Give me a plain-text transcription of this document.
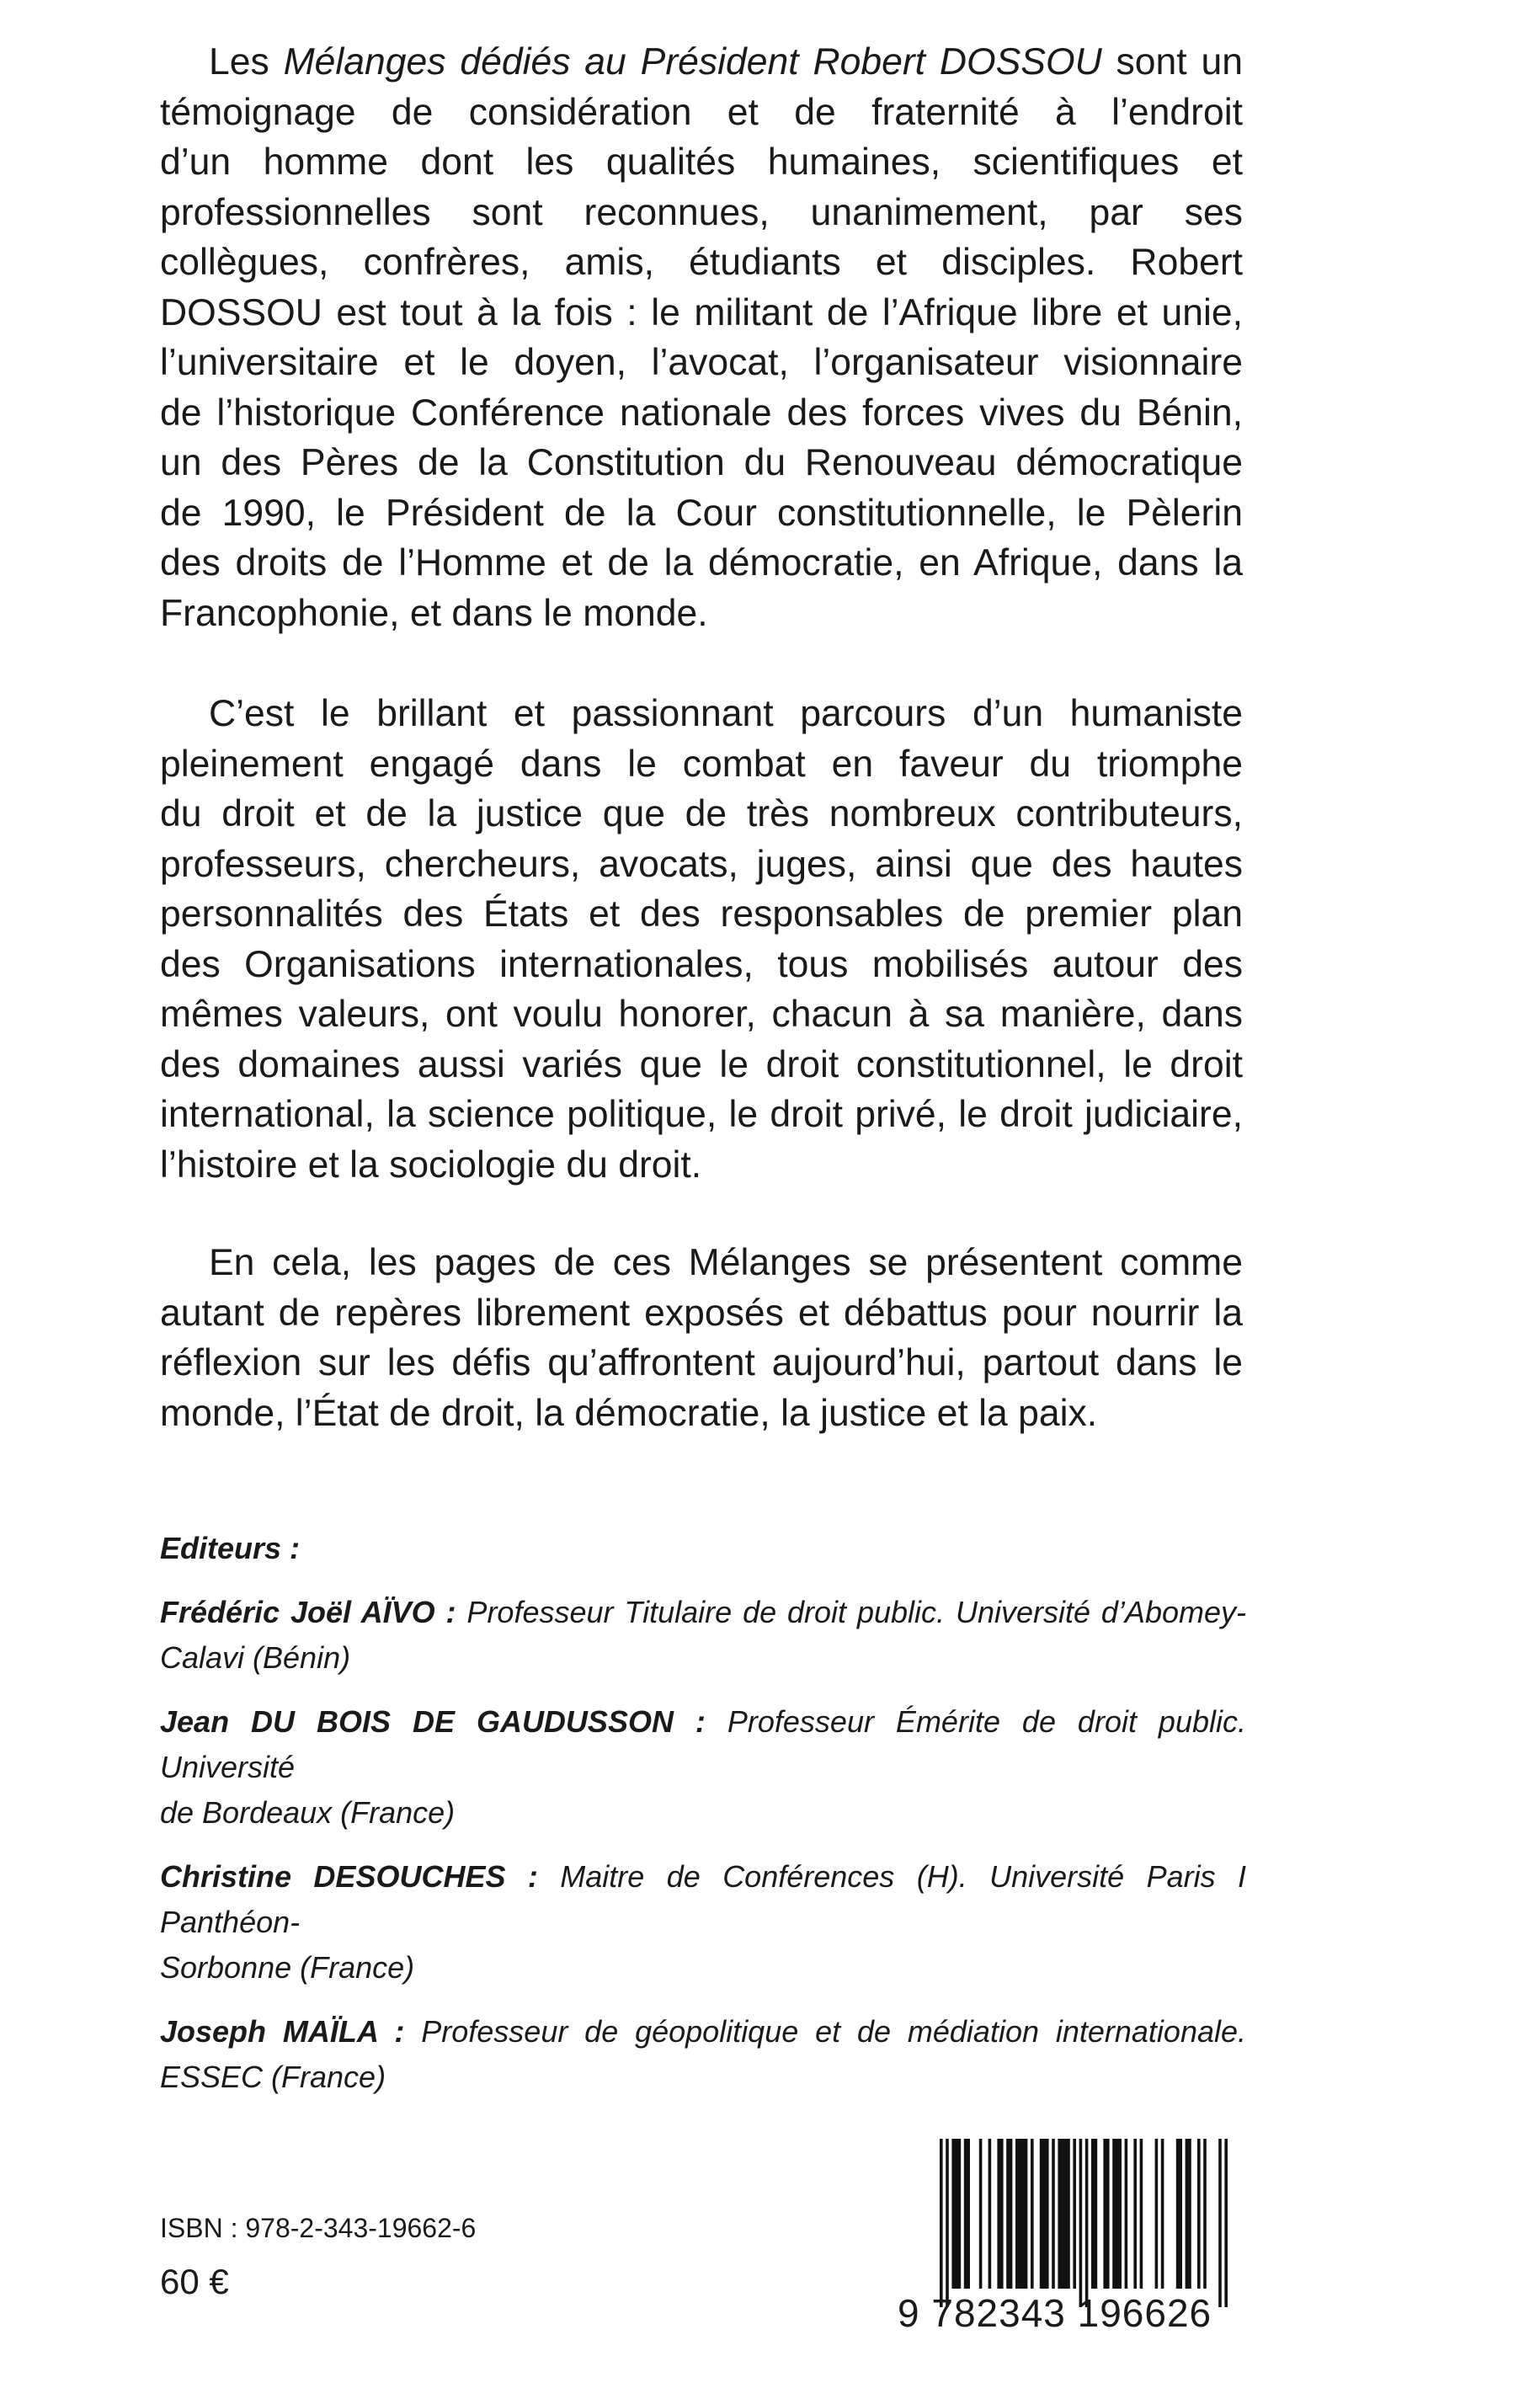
Les Mélanges dédiés au Président Robert DOSSOU sont un
témoignage de considération et de fraternité à l’endroit
d’un homme dont les qualités humaines, scientifiques et
professionnelles sont reconnues, unanimement, par ses
collègues, confrères, amis, étudiants et disciples. Robert
DOSSOU est tout à la fois : le militant de l’Afrique libre et unie,
l’universitaire et le doyen, l’avocat, l’organisateur visionnaire
de l’historique Conférence nationale des forces vives du Bénin,
un des Pères de la Constitution du Renouveau démocratique
de 1990, le Président de la Cour constitutionnelle, le Pèlerin
des droits de l’Homme et de la démocratie, en Afrique, dans la
Francophonie, et dans le monde.
C’est le brillant et passionnant parcours d’un humaniste
pleinement engagé dans le combat en faveur du triomphe
du droit et de la justice que de très nombreux contributeurs,
professeurs, chercheurs, avocats, juges, ainsi que des hautes
personnalités des États et des responsables de premier plan
des Organisations internationales, tous mobilisés autour des
mêmes valeurs, ont voulu honorer, chacun à sa manière, dans
des domaines aussi variés que le droit constitutionnel, le droit
international, la science politique, le droit privé, le droit judiciaire,
l’histoire et la sociologie du droit.
En cela, les pages de ces Mélanges se présentent comme
autant de repères librement exposés et débattus pour nourrir la
réflexion sur les défis qu’affrontent aujourd’hui, partout dans le
monde, l’État de droit, la démocratie, la justice et la paix.
Editeurs :
Frédéric Joël AÏVO : Professeur Titulaire de droit public. Université d’Abomey-
Calavi (Bénin)
Jean DU BOIS DE GAUDUSSON : Professeur Émérite de droit public. Université
de Bordeaux (France)
Christine DESOUCHES : Maitre de Conférences (H). Université Paris I Panthéon-
Sorbonne (France)
Joseph MAÏLA : Professeur de géopolitique et de médiation internationale.
ESSEC (France)
ISBN : 978-2-343-19662-6
60 €
9 782343 196626
